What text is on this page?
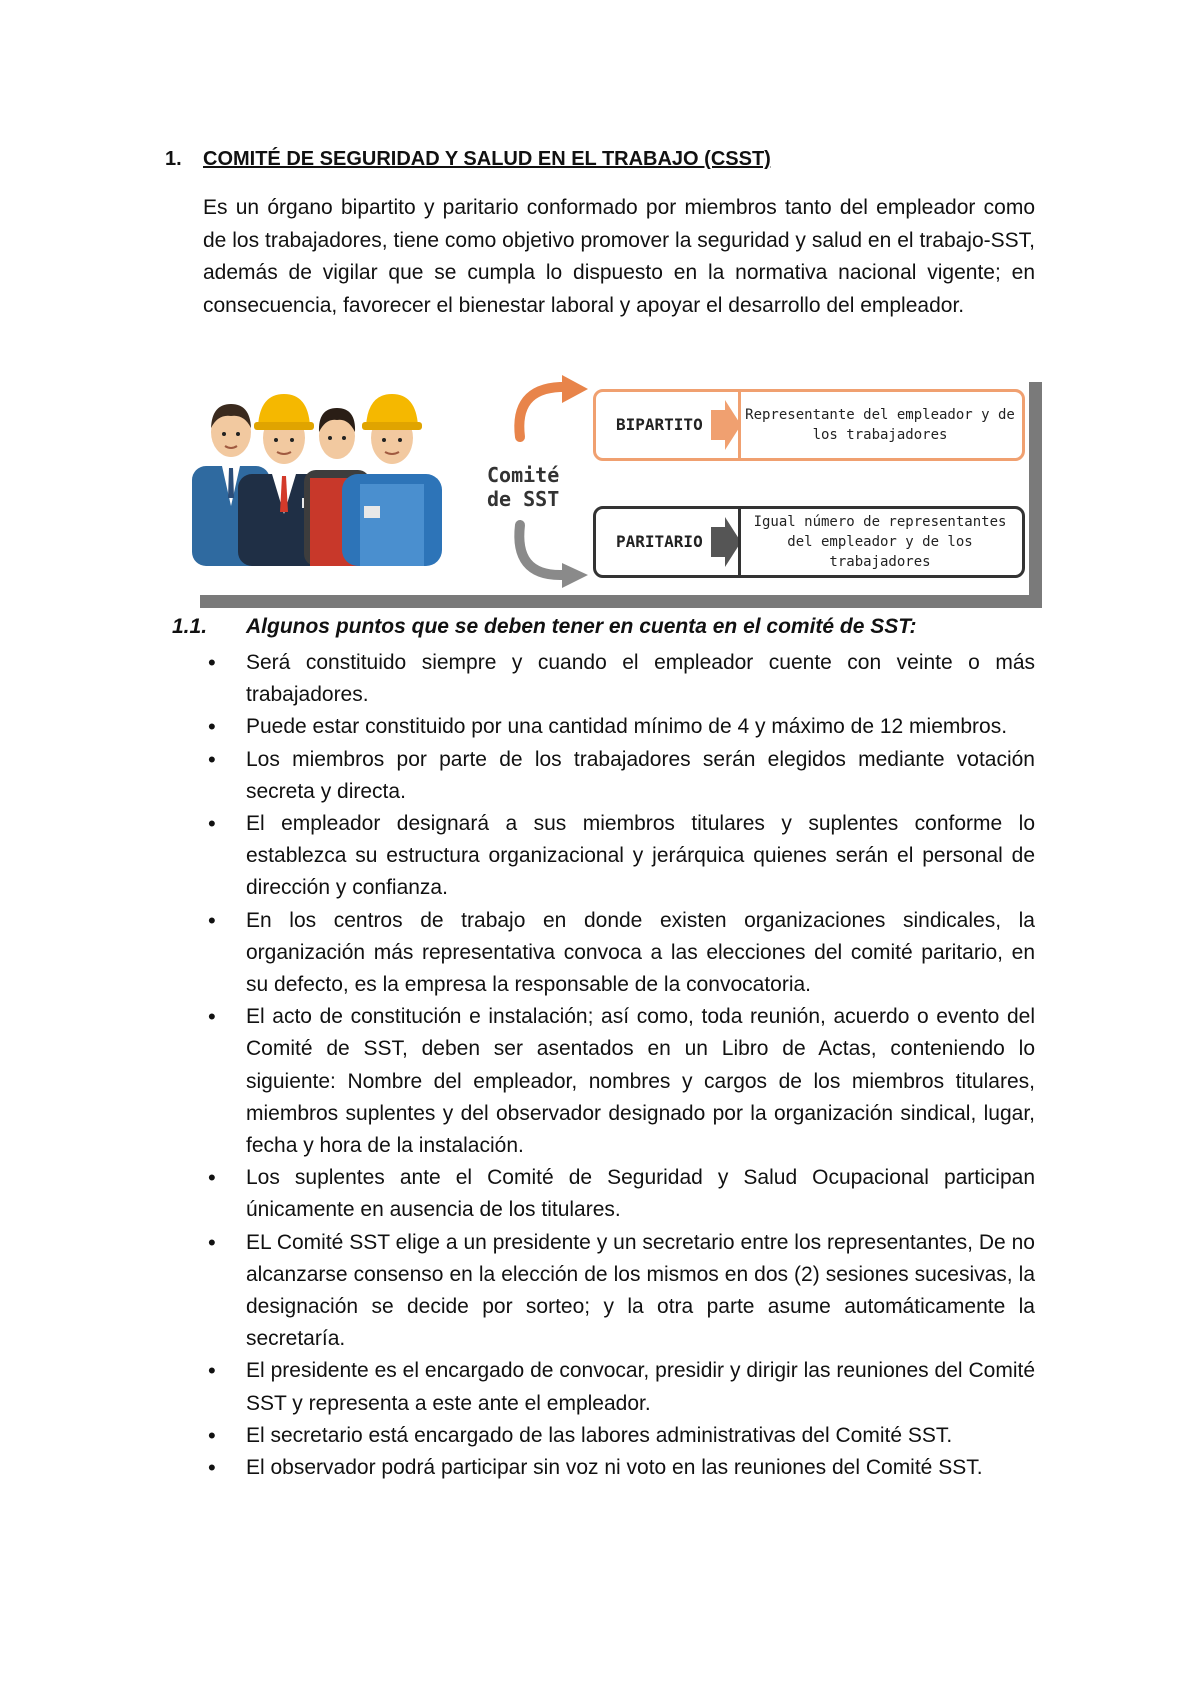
1. COMITÉ DE SEGURIDAD Y SALUD EN EL TRABAJO (CSST)

Es un órgano bipartito y paritario conformado por miembros tanto del empleador como de los trabajadores, tiene como objetivo promover la seguridad y salud en el trabajo-SST, además de vigilar que se cumpla lo dispuesto en la normativa nacional vigente; en consecuencia, favorecer el bienestar laboral y apoyar el desarrollo del empleador.

Comité
de SST
BIPARTITO	Representante del empleador y de los trabajadores
PARITARIO
Igual número de representantes del empleador y de los trabajadores
1.1. Algunos puntos que se deben tener en cuenta en el comité de SST:
• Será constituido siempre y cuando el empleador cuente con veinte o más trabajadores.
• Puede estar constituido por una cantidad mínimo de 4 y máximo de 12 miembros.
• Los miembros por parte de los trabajadores serán elegidos mediante votación secreta y directa.
• El empleador designará a sus miembros titulares y suplentes conforme lo establezca su estructura organizacional y jerárquica quienes serán el personal de dirección y confianza.
• En los centros de trabajo en donde existen organizaciones sindicales, la organización más representativa convoca a las elecciones del comité paritario, en su defecto, es la empresa la responsable de la convocatoria.
• El acto de constitución e instalación; así como, toda reunión, acuerdo o evento del Comité de SST, deben ser asentados en un Libro de Actas, conteniendo lo siguiente: Nombre del empleador, nombres y cargos de los miembros titulares, miembros suplentes y del observador designado por la organización sindical, lugar, fecha y hora de la instalación.
• Los suplentes ante el Comité de Seguridad y Salud Ocupacional participan únicamente en ausencia de los titulares.
• EL Comité SST elige a un presidente y un secretario entre los representantes, De no alcanzarse consenso en la elección de los mismos en dos (2) sesiones sucesivas, la designación se decide por sorteo; y la otra parte asume automáticamente la secretaría.
• El presidente es el encargado de convocar, presidir y dirigir las reuniones del Comité SST y representa a este ante el empleador.
• El secretario está encargado de las labores administrativas del Comité SST.
• El observador podrá participar sin voz ni voto en las reuniones del Comité SST.
